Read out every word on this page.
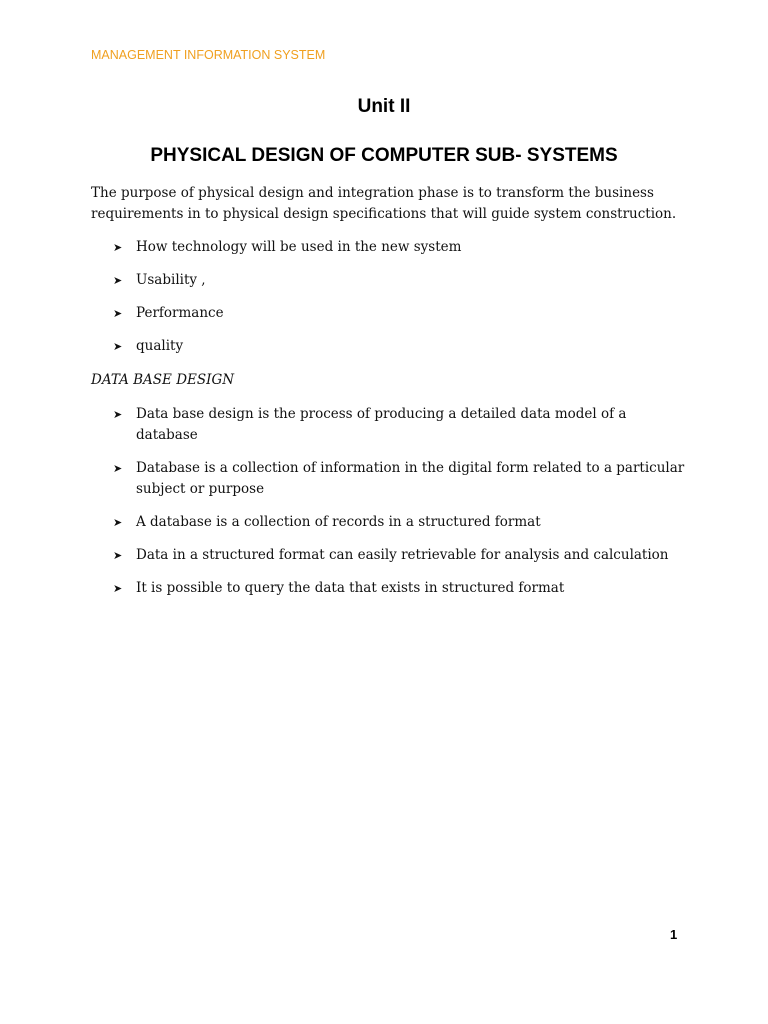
MANAGEMENT INFORMATION SYSTEM
Unit II
PHYSICAL DESIGN OF COMPUTER SUB- SYSTEMS
The purpose of physical design and integration phase is to transform the business requirements in to physical design specifications that will guide system construction.
➤ How technology will be used in the new system
➤ Usability ,
➤ Performance
➤ quality
DATA BASE DESIGN
➤ Data base design is the process of producing a detailed data model of a database
➤ Database is a collection of information in the digital form related to a particular subject or purpose
➤ A database is a collection of records in a structured format
➤ Data in a structured format can easily retrievable for analysis and calculation
➤ It is possible to query the data that exists in structured format
1
